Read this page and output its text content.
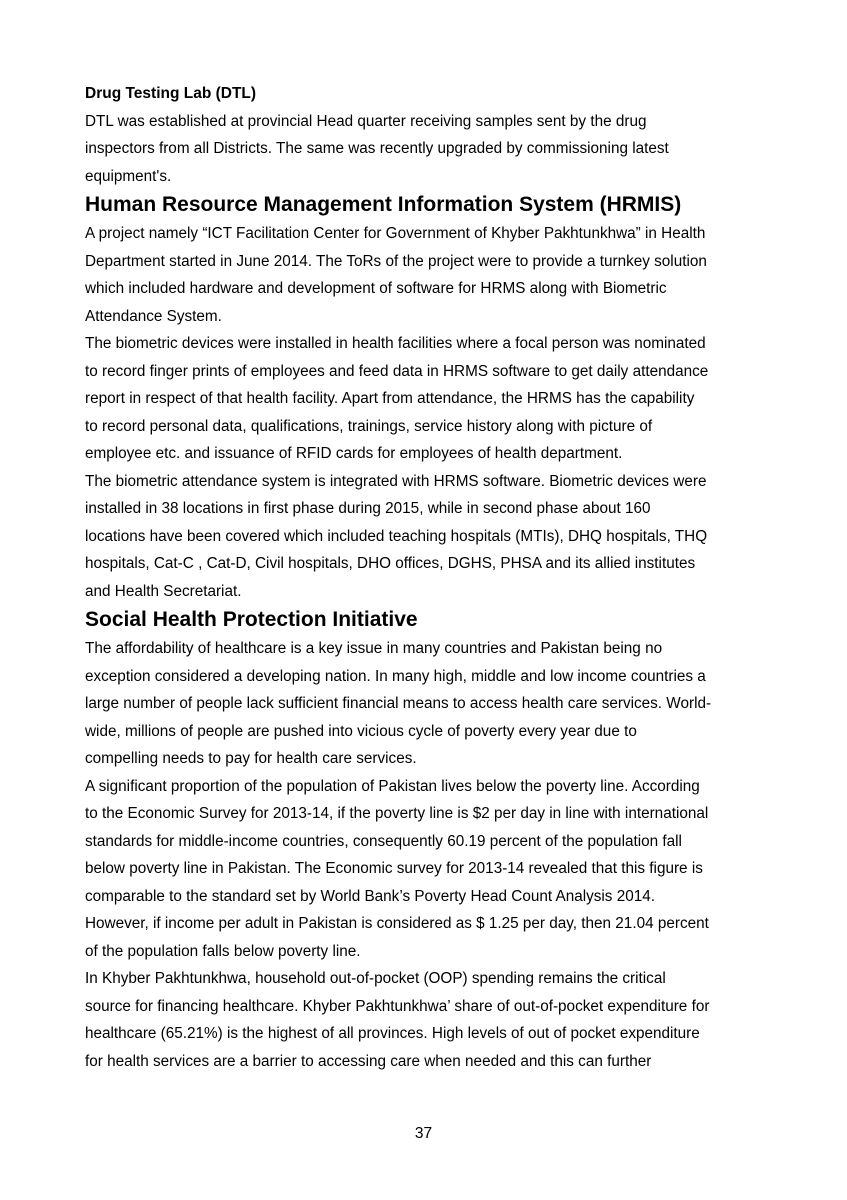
Drug Testing Lab (DTL)

DTL was established at provincial Head quarter receiving samples sent by the drug
inspectors from all Districts. The same was recently upgraded by commissioning latest
equipment's.

Human Resource Management Information System (HRMIS)

A project namely “ICT Facilitation Center for Government of Khyber Pakhtunkhwa” in Health
Department started in June 2014. The ToRs of the project were to provide a turnkey solution
which included hardware and development of software for HRMS along with Biometric
Attendance System.

The biometric devices were installed in health facilities where a focal person was nominated
to record finger prints of employees and feed data in HRMS software to get daily attendance
report in respect of that health facility. Apart from attendance, the HRMS has the capability
to record personal data, qualifications, trainings, service history along with picture of
employee etc. and issuance of RFID cards for employees of health department.

The biometric attendance system is integrated with HRMS software. Biometric devices were
installed in 38 locations in first phase during 2015, while in second phase about 160
locations have been covered which included teaching hospitals (MTIs), DHQ hospitals, THQ
hospitals, Cat-C , Cat-D, Civil hospitals, DHO offices, DGHS, PHSA and its allied institutes
and Health Secretariat.

Social Health Protection Initiative

The affordability of healthcare is a key issue in many countries and Pakistan being no
exception considered a developing nation. In many high, middle and low income countries a
large number of people lack sufficient financial means to access health care services. World-
wide, millions of people are pushed into vicious cycle of poverty every year due to
compelling needs to pay for health care services.

A significant proportion of the population of Pakistan lives below the poverty line. According
to the Economic Survey for 2013-14, if the poverty line is $2 per day in line with international
standards for middle-income countries, consequently 60.19 percent of the population fall
below poverty line in Pakistan. The Economic survey for 2013-14 revealed that this figure is
comparable to the standard set by World Bank’s Poverty Head Count Analysis 2014.
However, if income per adult in Pakistan is considered as $ 1.25 per day, then 21.04 percent
of the population falls below poverty line.

In Khyber Pakhtunkhwa, household out-of-pocket (OOP) spending remains the critical
source for financing healthcare. Khyber Pakhtunkhwa’ share of out-of-pocket expenditure for
healthcare (65.21%) is the highest of all provinces. High levels of out of pocket expenditure
for health services are a barrier to accessing care when needed and this can further

37
